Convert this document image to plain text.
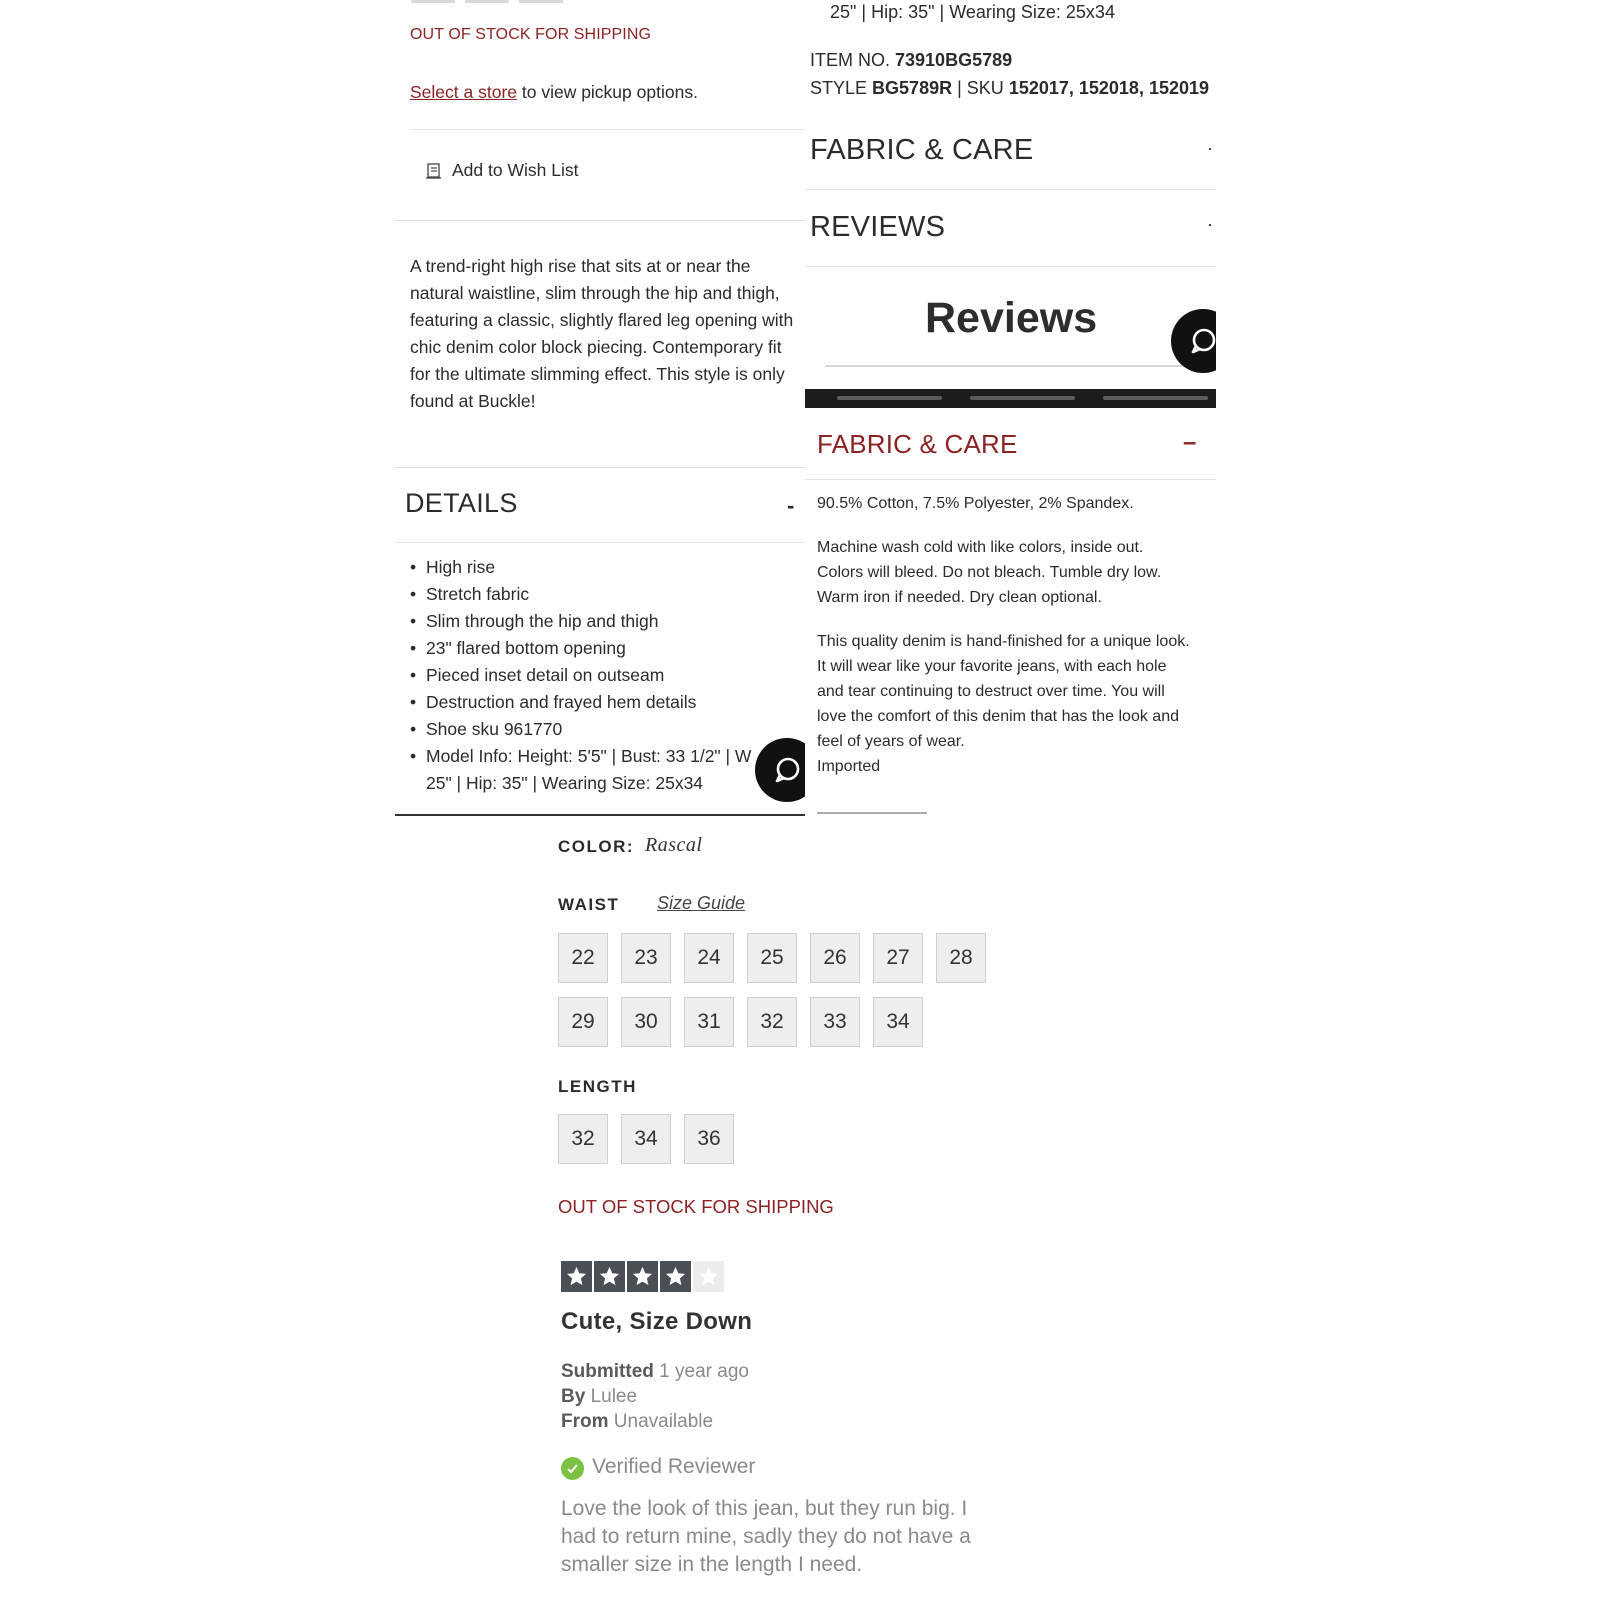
OUT OF STOCK FOR SHIPPING
Select a store to view pickup options.
Add to Wish List
A trend-right high rise that sits at or near the
natural waistline, slim through the hip and thigh,
featuring a classic, slightly flared leg opening with
chic denim color block piecing. Contemporary fit
for the ultimate slimming effect. This style is only
found at Buckle!
DETAILS	-
• High rise
• Stretch fabric
• Slim through the hip and thigh
• 23" flared bottom opening
• Pieced inset detail on outseam
• Destruction and frayed hem details
• Shoe sku 961770
• Model Info: Height: 5'5" | Bust: 33 1/2" | W
25" | Hip: 35" | Wearing Size: 25x34
25" | Hip: 35" | Wearing Size: 25x34
ITEM NO. 73910BG5789
STYLE BG5789R | SKU 152017, 152018, 152019
FABRIC & CARE
REVIEWS
Reviews
FABRIC & CARE	–
90.5% Cotton, 7.5% Polyester, 2% Spandex.
Machine wash cold with like colors, inside out.
Colors will bleed. Do not bleach. Tumble dry low.
Warm iron if needed. Dry clean optional.
This quality denim is hand-finished for a unique look.
It will wear like your favorite jeans, with each hole
and tear continuing to destruct over time. You will
love the comfort of this denim that has the look and
feel of years of wear.
Imported
COLOR: Rascal
WAIST Size Guide
22	23	24	25	26	27	28
29	30	31	32	33	34
LENGTH
32	34	36
OUT OF STOCK FOR SHIPPING
Cute, Size Down
Submitted 1 year ago
By Lulee
From Unavailable
Verified Reviewer
Love the look of this jean, but they run big. I
had to return mine, sadly they do not have a
smaller size in the length I need.
